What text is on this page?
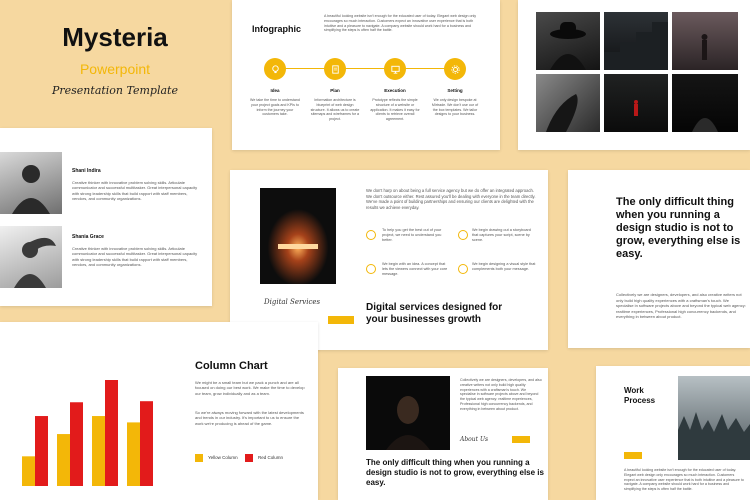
Mysteria
Powerpoint
Presentation Template
Infographic
A beautiful looking website isn't enough for the educated user of today. Elegant web design only encourages so much interaction. Customers expect an innovative user experience that is both intuitive and a pleasure to navigate. A company website should work hard for a business and simplifying the steps is often half the battle.
Idea	Plan	Execution	Setting
We take the time to understand your project goals and KPIs to inform the journey your customers take.
Information architecture is blueprint of web design structure. It allows us to create sitemaps and wireframes for a project.
Prototype reflects the simple structure of a website or application. It makes it easy for clients to retrieve overall agreement.
We only design bespoke at Mirtrade. We don't use our of the box templates. We tailor designs to your business.
Shani Indira
Creative thinker with innovative problem solving skills. Articulate communicator and successful multitasker. Great interpersonal capacity with strong leadership skills that build rapport with staff members, vendors, and community organizations.
Shania Grace
Creative thinker with innovative problem solving skills. Articulate communicator and successful multitasker. Great interpersonal capacity with strong leadership skills that build rapport with staff members, vendors, and community organizations.
We don't harp on about being a full service agency but we do offer an integrated approach. We don't outsource either. Rest assured you'll be dealing with everyone in the team directly. We've made a point of building partnerships and ensuring our clients are delighted with the results we achieve everyday.
To help you get the best out of your project, we need to understand you better.
We begin drawing out a storyboard that captures your script, scene by scene.
We begin with an idea. A concept that lets the viewers connect with your core message.
We begin designing a visual style that complements both your message.
Digital Services	Digital services designed for your businesses growth
The only difficult thing when you running a design studio is not to grow, everything else is easy.
Collectively we are designers, developers, and also creative writers not only build high quality experiences with a craftsman's touch. We specialise in software projects above and beyond the typical web agency: realtime experiences, Professional high concurrency backends, and everything in between about product.
Column Chart
We might be a small team but we pack a punch and are all focused on doing our best work. We make the time to develop our team, grow individually and as a team.
So we're always moving forward with the latest developments and trends in our industry. It's important to us to ensure the work we're producing is ahead of the game.
Yellow Column	Red Column
Collectively we are designers, developers, and also creative writers not only build high quality experiences with a craftsman's touch. We specialise in software projects above and beyond the typical web agency: realtime experiences, Professional high concurrency backends, and everything in between about product.
About Us
The only difficult thing when you running a design studio is not to grow, everything else is easy.
Work Process
A beautiful looking website isn't enough for the educated user of today. Elegant web design only encourages so much interaction. Customers expect an innovative user experience that is both intuitive and a pleasure to navigate. A company website should work hard for a business and simplifying the steps is often half the battle.
